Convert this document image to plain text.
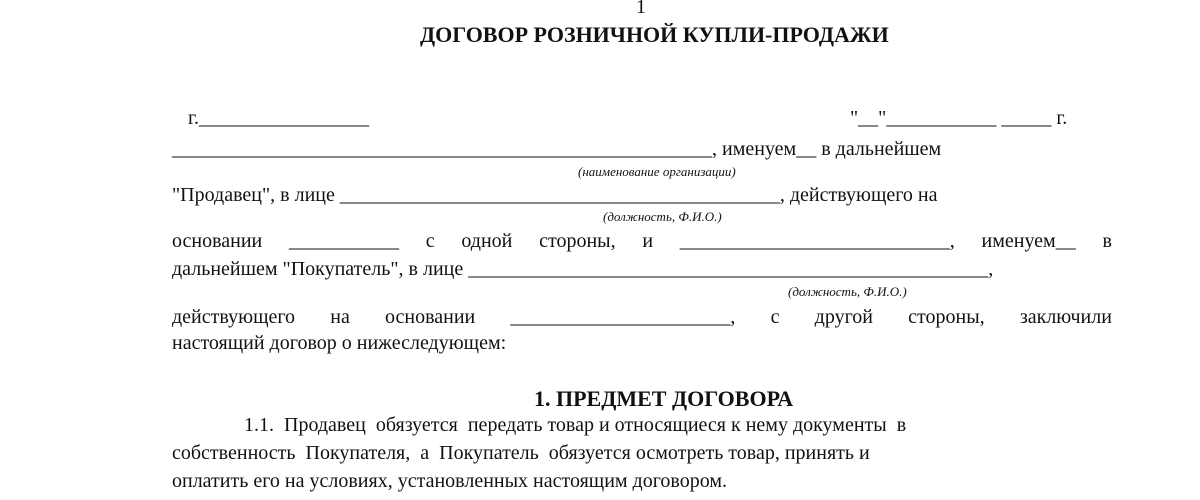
1
ДОГОВОР РОЗНИЧНОЙ КУПЛИ-ПРОДАЖИ

г._________________	"__"___________ _____ г.

______________________________________________________ , именуем__ в дальнейшем
(наименование организации)
"Продавец", в лице
____________________________________________ , действующего на
(должность, Ф.И.О.)
основании ___________ с одной стороны, и ___________________________, именуем__ в
дальнейшем "Покупатель", в лице
____________________________________________________ ,
(должность, Ф.И.О.)
действующего на основании ______________________, с другой стороны, заключили
настоящий договор о нижеследующем:
1. ПРЕДМЕТ ДОГОВОРА
1.1.  Продавец  обязуется  передать товар и относящиеся к нему документы  в
собственность  Покупателя,  а  Покупатель  обязуется осмотреть товар, принять и
оплатить его на условиях, установленных настоящим договором.
